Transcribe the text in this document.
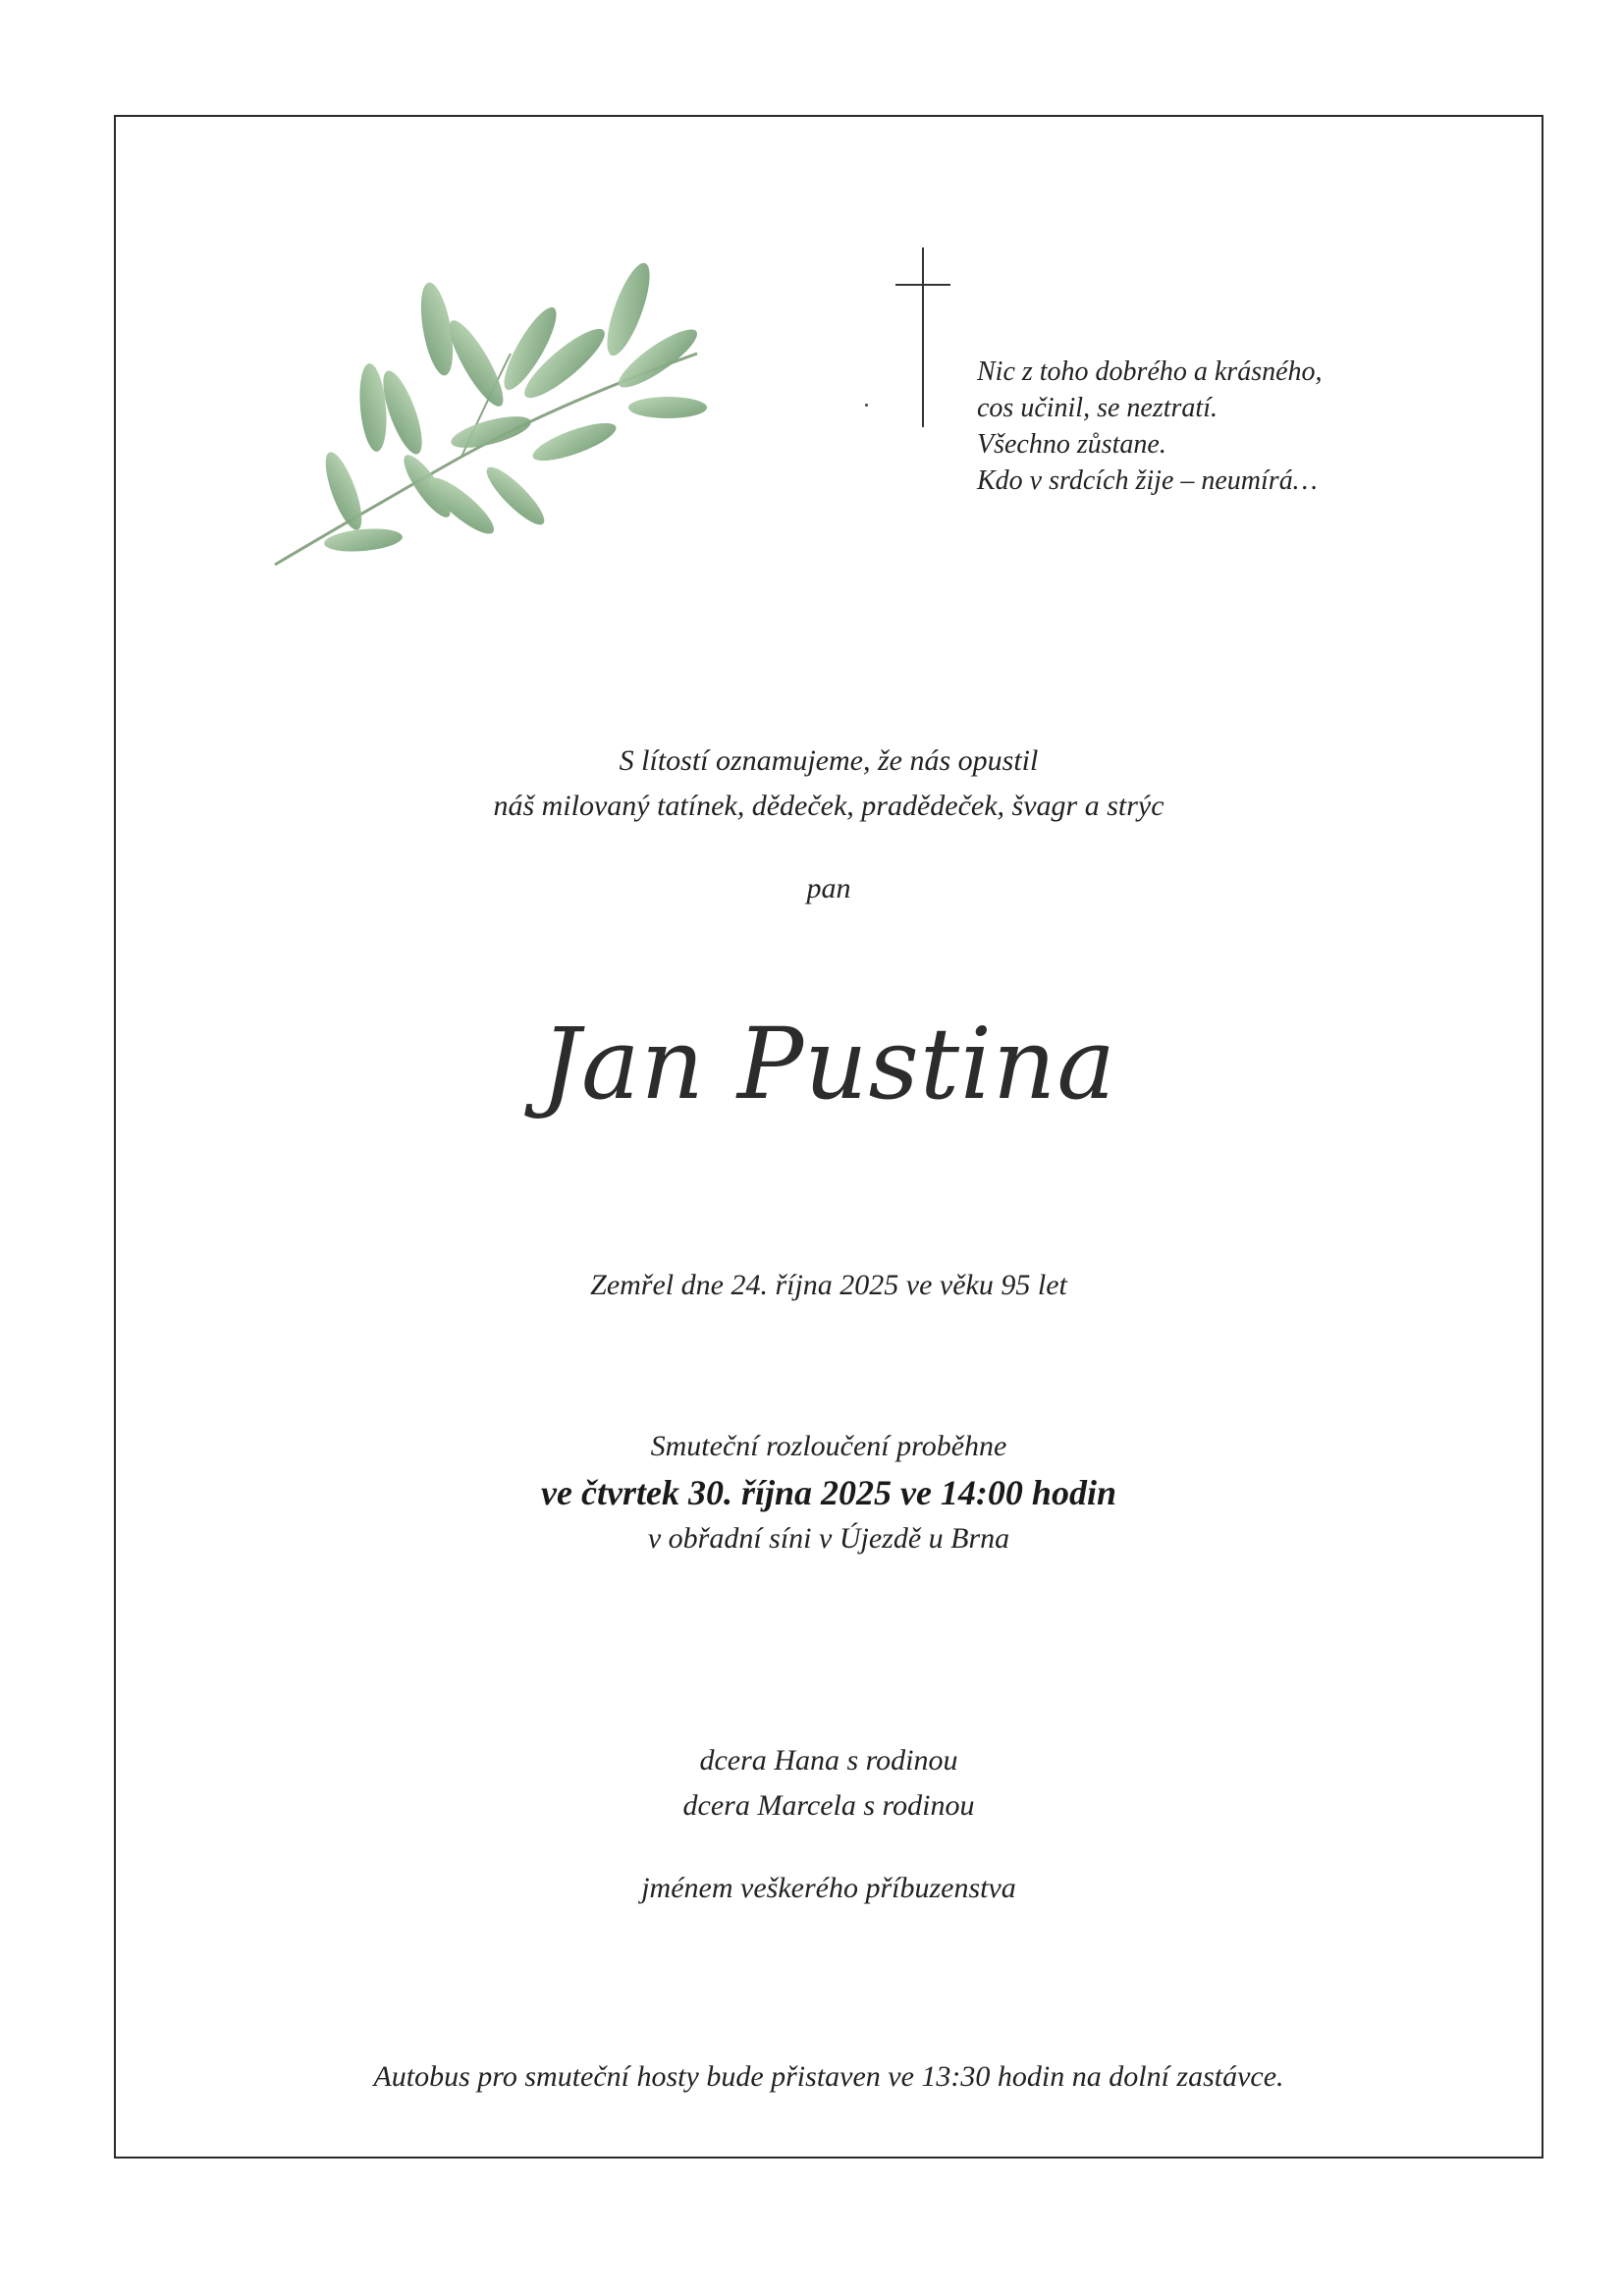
Nic z toho dobrého a krásného,
cos učinil, se neztratí.
Všechno zůstane.
Kdo v srdcích žije – neumírá…
S lítostí oznamujeme, že nás opustil
náš milovaný tatínek, dědeček, pradědeček, švagr a strýc
pan
Jan Pustina
Zemřel dne 24. října 2025 ve věku 95 let
Smuteční rozloučení proběhne
ve čtvrtek 30. října 2025 ve 14:00 hodin
v obřadní síni v Újezdě u Brna
dcera Hana s rodinou
dcera Marcela s rodinou
jménem veškerého příbuzenstva
Autobus pro smuteční hosty bude přistaven ve 13:30 hodin na dolní zastávce.
